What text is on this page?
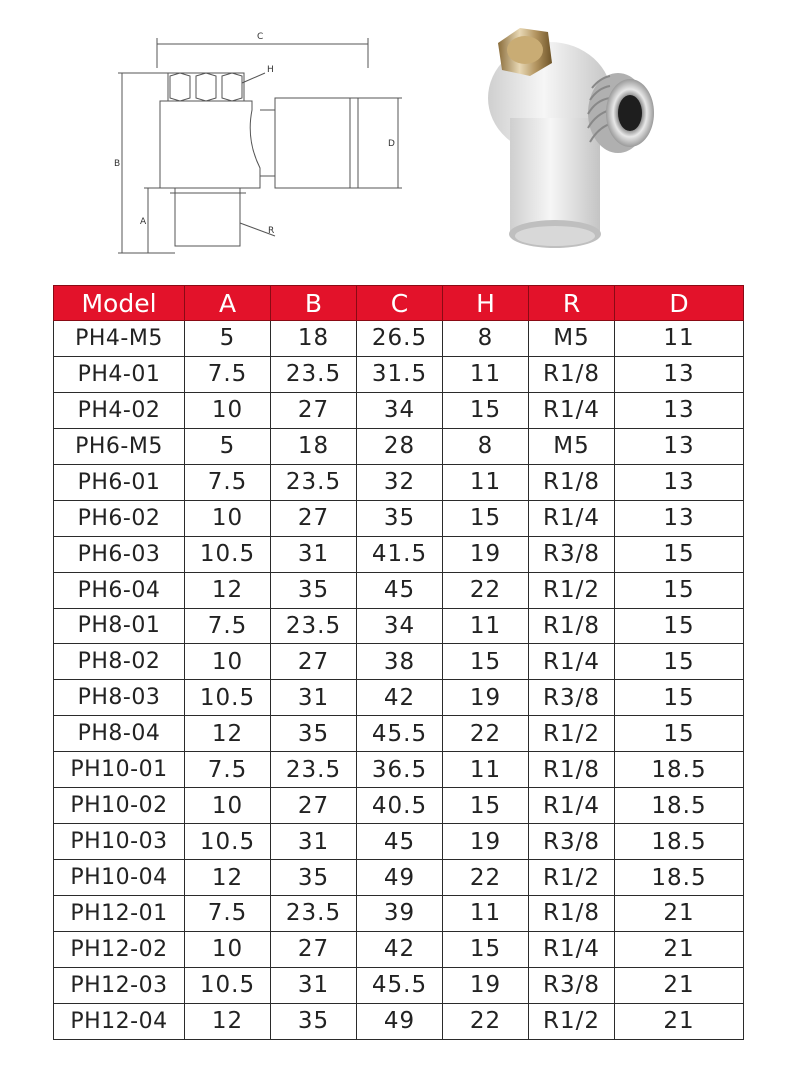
C
H
B
D
A
R
Model	A	B	C	H	R	D
PH4-M5	5	18	26.5	8	M5	11
PH4-01	7.5	23.5	31.5	11	R1/8	13
PH4-02	10	27	34	15	R1/4	13
PH6-M5	5	18	28	8	M5	13
PH6-01	7.5	23.5	32	11	R1/8	13
PH6-02	10	27	35	15	R1/4	13
PH6-03	10.5	31	41.5	19	R3/8	15
PH6-04	12	35	45	22	R1/2	15
PH8-01	7.5	23.5	34	11	R1/8	15
PH8-02	10	27	38	15	R1/4	15
PH8-03	10.5	31	42	19	R3/8	15
PH8-04	12	35	45.5	22	R1/2	15
PH10-01	7.5	23.5	36.5	11	R1/8	18.5
PH10-02	10	27	40.5	15	R1/4	18.5
PH10-03	10.5	31	45	19	R3/8	18.5
PH10-04	12	35	49	22	R1/2	18.5
PH12-01	7.5	23.5	39	11	R1/8	21
PH12-02	10	27	42	15	R1/4	21
PH12-03	10.5	31	45.5	19	R3/8	21
PH12-04	12	35	49	22	R1/2	21
